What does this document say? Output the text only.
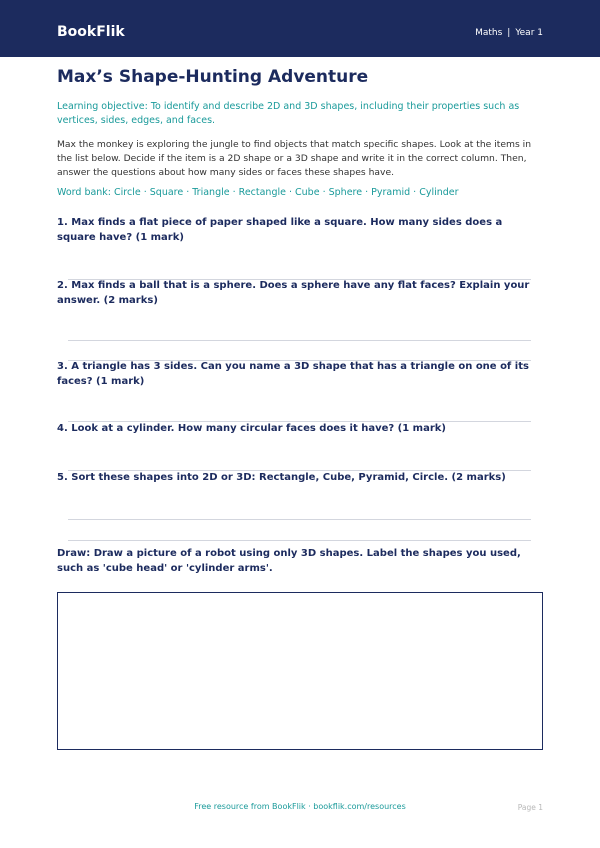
BookFlik	Maths | Year 1
Max’s Shape-Hunting Adventure
Learning objective: To identify and describe 2D and 3D shapes, including their properties such as vertices, sides, edges, and faces.
Max the monkey is exploring the jungle to find objects that match specific shapes. Look at the items in the list below. Decide if the item is a 2D shape or a 3D shape and write it in the correct column. Then, answer the questions about how many sides or faces these shapes have.
Word bank: Circle · Square · Triangle · Rectangle · Cube · Sphere · Pyramid · Cylinder
1. Max finds a flat piece of paper shaped like a square. How many sides does a square have? (1 mark)
2. Max finds a ball that is a sphere. Does a sphere have any flat faces? Explain your answer. (2 marks)
3. A triangle has 3 sides. Can you name a 3D shape that has a triangle on one of its faces? (1 mark)
4. Look at a cylinder. How many circular faces does it have? (1 mark)
5. Sort these shapes into 2D or 3D: Rectangle, Cube, Pyramid, Circle. (2 marks)
Draw: Draw a picture of a robot using only 3D shapes. Label the shapes you used, such as 'cube head' or 'cylinder arms'.
Free resource from BookFlik · bookflik.com/resources	Page 1
